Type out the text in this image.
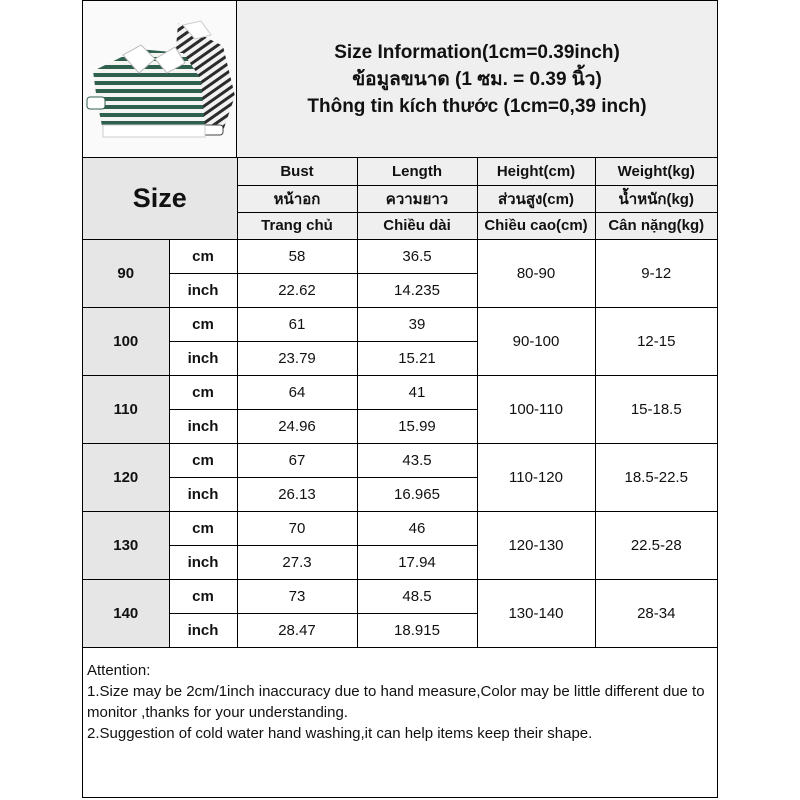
Size Information(1cm=0.39inch)
ข้อมูลขนาด (1 ซม. = 0.39 นิ้ว)
Thông tin kích thước (1cm=0,39 inch)
Size		Bust	Length	Height(cm)	Weight(kg)
		หน้าอก	ความยาว	ส่วนสูง(cm)	น้ำหนัก(kg)
		Trang chủ	Chiều dài	Chiều cao(cm)	Cân nặng(kg)
90	cm	58	36.5	80-90	9-12
	inch	22.62	14.235		
100	cm	61	39	90-100	12-15
	inch	23.79	15.21		
110	cm	64	41	100-110	15-18.5
	inch	24.96	15.99		
120	cm	67	43.5	110-120	18.5-22.5
	inch	26.13	16.965		
130	cm	70	46	120-130	22.5-28
	inch	27.3	17.94		
140	cm	73	48.5	130-140	28-34
	inch	28.47	18.915		
Attention:
1.Size may be 2cm/1inch inaccuracy due to hand measure,Color may be little different due to monitor ,thanks for your understanding.
2.Suggestion of cold water hand washing,it can help items keep their shape.
